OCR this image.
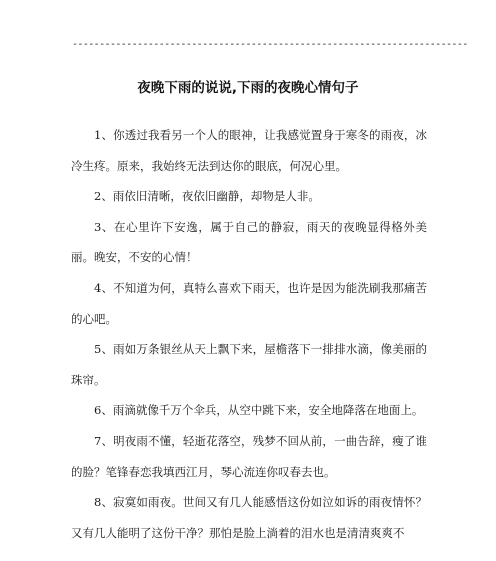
-------------------------------------------------------------------------
夜晚下雨的说说,下雨的夜晚心情句子

1、你透过我看另一个人的眼神，让我感觉置身于寒冬的雨夜，冰冷生疼。原来，我始终无法到达你的眼底，何况心里。

2、雨依旧清晰，夜依旧幽静，却物是人非。

3、在心里许下安逸，属于自己的静寂，雨天的夜晚显得格外美丽。晚安，不安的心情！

4、不知道为何，真特么喜欢下雨天，也许是因为能洗刷我那痛苦的心吧。

5、雨如万条银丝从天上飘下来，屋檐落下一排排水滴，像美丽的珠帘。

6、雨滴就像千万个伞兵，从空中跳下来，安全地降落在地面上。

7、明夜雨不懂，轻逝花落空，残梦不回从前，一曲告辞，瘦了谁的脸？笔锋春恋我填西江月，琴心流连你叹春去也。

8、寂寞如雨夜。世间又有几人能感悟这份如泣如诉的雨夜情怀？又有几人能明了这份干净？那怕是脸上淌着的泪水也是清清爽爽不
